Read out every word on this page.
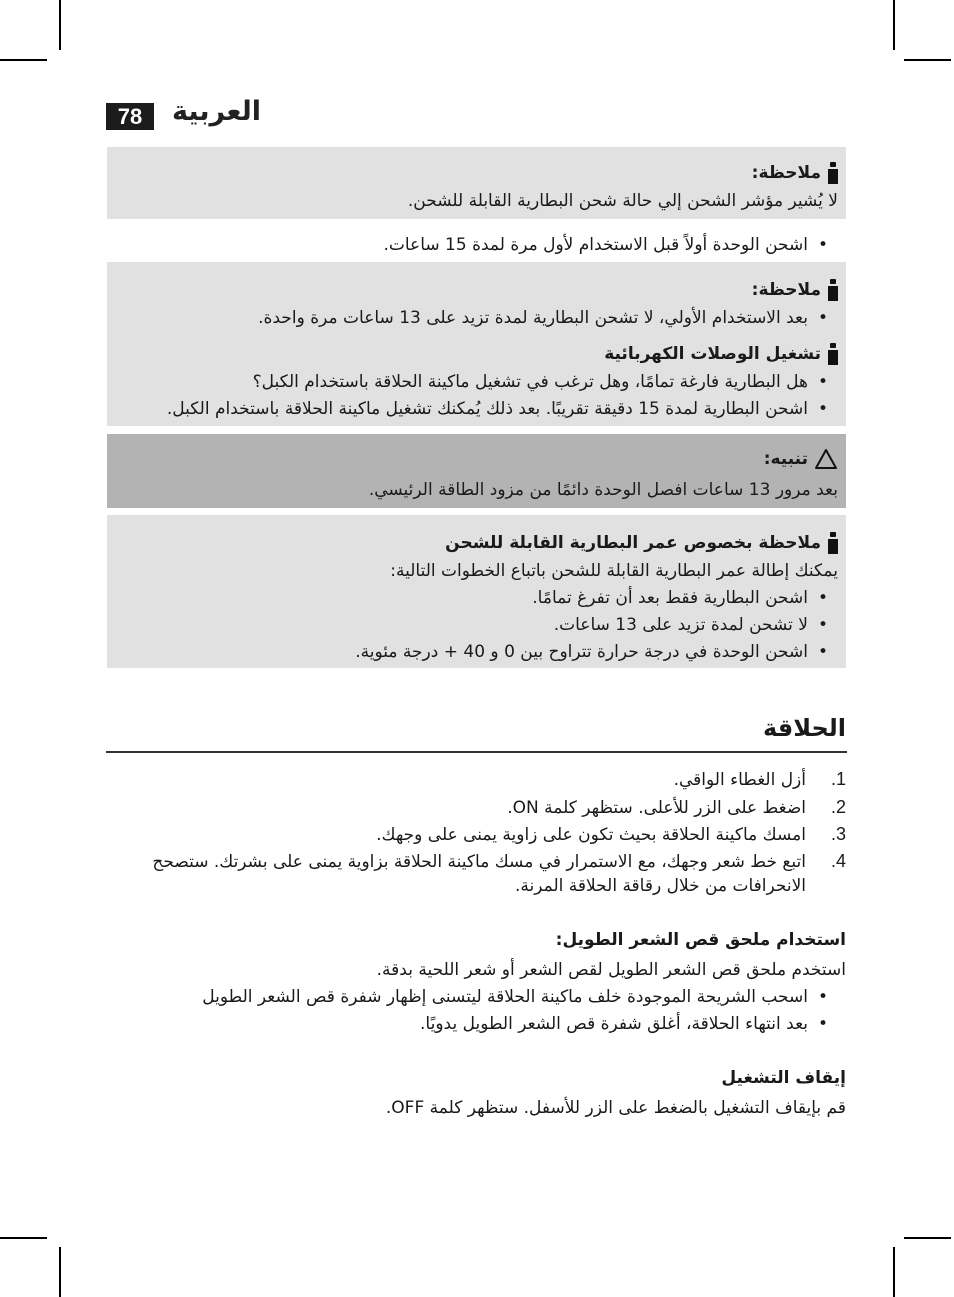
78	العربية
ملاحظة:
لا يُشير مؤشر الشحن إلي حالة شحن البطارية القابلة للشحن.
•اشحن الوحدة أولاً قبل الاستخدام لأول مرة لمدة 15 ساعات.
ملاحظة:
•بعد الاستخدام الأولي، لا تشحن البطارية لمدة تزيد على 13 ساعات مرة واحدة.
تشغيل الوصلات الكهربائية
•هل البطارية فارغة تمامًا، وهل ترغب في تشغيل ماكينة الحلاقة باستخدام الكبل؟
•اشحن البطارية لمدة 15 دقيقة تقريبًا. بعد ذلك يُمكنك تشغيل ماكينة الحلاقة باستخدام الكبل.
تنبيه:
بعد مرور 13 ساعات افصل الوحدة دائمًا من مزود الطاقة الرئيسي.
ملاحظة بخصوص عمر البطارية القابلة للشحن
يمكنك إطالة عمر البطارية القابلة للشحن باتباع الخطوات التالية:
•اشحن البطارية فقط بعد أن تفرغ تمامًا.
•لا تشحن لمدة تزيد على 13 ساعات.
•اشحن الوحدة في درجة حرارة تتراوح بين 0 و 40 + درجة مئوية.
الحلاقة
1.أزل الغطاء الواقي.
2.اضغط على الزر للأعلى. ستظهر كلمة ON.
3.امسك ماكينة الحلاقة بحيث تكون على زاوية يمنى على وجهك.
4.اتبع خط شعر وجهك، مع الاستمرار في مسك ماكينة الحلاقة بزاوية يمنى على بشرتك. ستصحح
الانحرافات من خلال رقاقة الحلاقة المرنة.
استخدام ملحق قص الشعر الطويل:
استخدم ملحق قص الشعر الطويل لقص الشعر أو شعر اللحية بدقة.
•اسحب الشريحة الموجودة خلف ماكينة الحلاقة ليتسنى إظهار شفرة قص الشعر الطويل
•بعد انتهاء الحلاقة، أغلق شفرة قص الشعر الطويل يدويًا.
إيقاف التشغيل
قم بإيقاف التشغيل بالضغط على الزر للأسفل. ستظهر كلمة OFF.
